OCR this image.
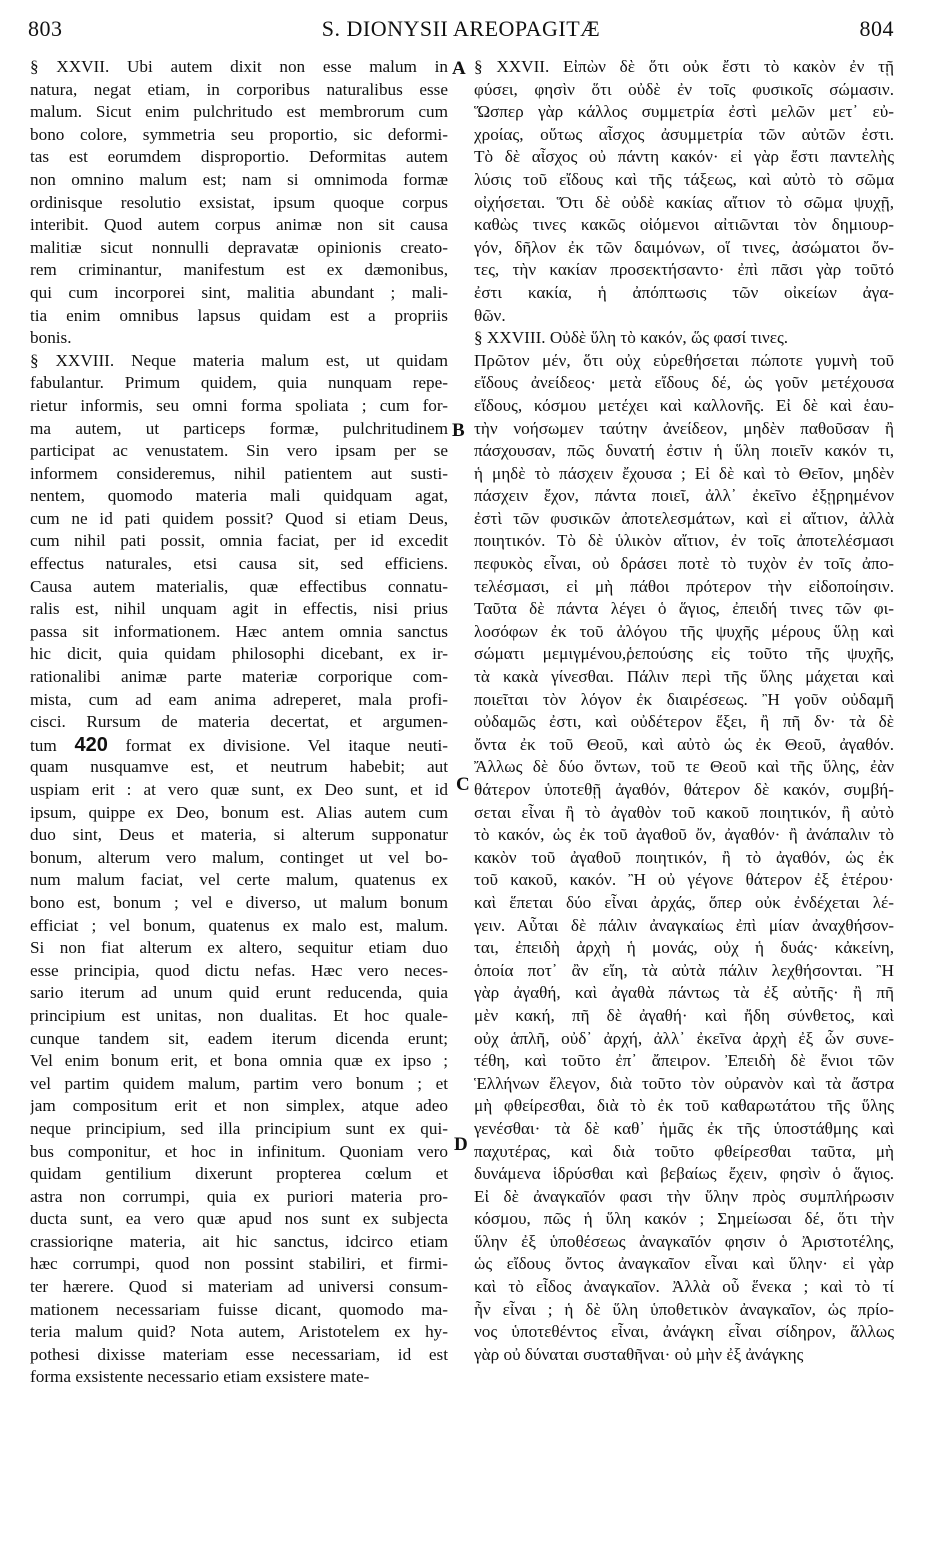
803	S. DIONYSII AREOPAGITÆ	804
A
B
C
D
§ XXVII. Ubi autem dixit non esse malum in
natura, negat etiam, in corporibus naturalibus esse
malum. Sicut enim pulchritudo est membrorum cum
bono colore, symmetria seu proportio, sic deformi-
tas est eorumdem disproportio. Deformitas autem
non omnino malum est; nam si omnimoda formæ
ordinisque resolutio exsistat, ipsum quoque corpus
interibit. Quod autem corpus animæ non sit causa
malitiæ sicut nonnulli depravatæ opinionis creato-
rem criminantur, manifestum est ex dæmonibus,
qui cum incorporei sint, malitia abundant ; mali-
tia enim omnibus lapsus quidam est a propriis
bonis.
§ XXVIII. Neque materia malum est, ut quidam
fabulantur. Primum quidem, quia nunquam repe-
rietur informis, seu omni forma spoliata ; cum for-
ma autem, ut particeps formæ, pulchritudinem
participat ac venustatem. Sin vero ipsam per se
informem consideremus, nihil patientem aut susti-
nentem, quomodo materia mali quidquam agat,
cum ne id pati quidem possit? Quod si etiam Deus,
cum nihil pati possit, omnia faciat, per id excedit
effectus naturales, etsi causa sit, sed efficiens.
Causa autem materialis, quæ effectibus connatu-
ralis est, nihil unquam agit in effectis, nisi prius
passa sit informationem. Hæc antem omnia sanctus
hic dicit, quia quidam philosophi dicebant, ex ir-
rationalibi animæ parte materiæ corporique com-
mista, cum ad eam anima adreperet, mala profi-
cisci. Rursum de materia decertat, et argumen-
tum 420 format ex divisione. Vel itaque neuti-
quam nusquamve est, et neutrum habebit; aut
uspiam erit : at vero quæ sunt, ex Deo sunt, et id
ipsum, quippe ex Deo, bonum est. Alias autem cum
duo sint, Deus et materia, si alterum supponatur
bonum, alterum vero malum, continget ut vel bo-
num malum faciat, vel certe malum, quatenus ex
bono est, bonum ; vel e diverso, ut malum bonum
efficiat ; vel bonum, quatenus ex malo est, malum.
Si non fiat alterum ex altero, sequitur etiam duo
esse principia, quod dictu nefas. Hæc vero neces-
sario iterum ad unum quid erunt reducenda, quia
principium est unitas, non dualitas. Et hoc quale-
cunque tandem sit, eadem iterum dicenda erunt;
Vel enim bonum erit, et bona omnia quæ ex ipso ;
vel partim quidem malum, partim vero bonum ; et
jam compositum erit et non simplex, atque adeo
neque principium, sed illa principium sunt ex qui-
bus componitur, et hoc in infinitum. Quoniam vero
quidam gentilium dixerunt propterea cœlum et
astra non corrumpi, quia ex puriori materia pro-
ducta sunt, ea vero quæ apud nos sunt ex subjecta
crassioriqne materia, ait hic sanctus, idcirco etiam
hæc corrumpi, quod non possint stabiliri, et firmi-
ter hærere. Quod si materiam ad universi consum-
mationem necessariam fuisse dicant, quomodo ma-
teria malum quid? Nota autem, Aristotelem ex hy-
pothesi dixisse materiam esse necessariam, id est
forma exsistente necessario etiam exsistere mate-
§ XXVII. Εἰπὼν δὲ ὅτι οὐκ ἔστι τὸ κακὸν ἐν τῇ
φύσει, φησὶν ὅτι οὐδὲ ἐν τοῖς φυσικοῖς σώμασιν.
Ὥσπερ γὰρ κάλλος συμμετρία ἐστὶ μελῶν μετ᾽ εὐ-
χροίας, οὕτως αἶσχος ἀσυμμετρία τῶν αὐτῶν ἐστι.
Τὸ δὲ αἶσχος οὐ πάντη κακόν· εἰ γὰρ ἔστι παντελὴς
λύσις τοῦ εἴδους καὶ τῆς τάξεως, καὶ αὐτὸ τὸ σῶμα
οἰχήσεται. Ὅτι δὲ οὐδὲ κακίας αἴτιον τὸ σῶμα ψυχῇ,
καθὼς τινες κακῶς οἰόμενοι αἰτιῶνται τὸν δημιουρ-
γόν, δῆλον ἐκ τῶν δαιμόνων, οἵ τινες, ἀσώματοι ὄν-
τες, τὴν κακίαν προσεκτήσαντο· ἐπὶ πᾶσι γὰρ τοῦτό
ἐστι κακία, ἡ ἀπόπτωσις τῶν οἰκείων ἀγα-
θῶν.
§ XXVIII. Οὐδὲ ὕλη τὸ κακόν, ὥς φασί τινες.
Πρῶτον μέν, ὅτι οὐχ εὑρεθήσεται πώποτε γυμνὴ τοῦ
εἴδους ἀνείδεος· μετὰ εἴδους δέ, ὡς γοῦν μετέχουσα
εἴδους, κόσμου μετέχει καὶ καλλονῆς. Εἰ δὲ καὶ ἑαυ-
τὴν νοήσωμεν ταύτην ἀνείδεον, μηδὲν παθοῦσαν ἢ
πάσχουσαν, πῶς δυνατή ἐστιν ἡ ὕλη ποιεῖν κακόν τι,
ἡ μηδὲ τὸ πάσχειν ἔχουσα ; Εἰ δὲ καὶ τὸ Θεῖον, μηδὲν
πάσχειν ἔχον, πάντα ποιεῖ, ἀλλ᾽ ἐκεῖνο ἐξῃρημένον
ἐστὶ τῶν φυσικῶν ἀποτελεσμάτων, καὶ εἰ αἴτιον, ἀλλὰ
ποιητικόν. Τὸ δὲ ὑλικὸν αἴτιον, ἐν τοῖς ἀποτελέσμασι
πεφυκὸς εἶναι, οὐ δράσει ποτὲ τὸ τυχὸν ἐν τοῖς ἀπο-
τελέσμασι, εἰ μὴ πάθοι πρότερον τὴν εἰδοποίησιν.
Ταῦτα δὲ πάντα λέγει ὁ ἅγιος, ἐπειδή τινες τῶν φι-
λοσόφων ἐκ τοῦ ἀλόγου τῆς ψυχῆς μέρους ὕλῃ καὶ
σώματι μεμιγμένου,ῥεπούσης εἰς τοῦτο τῆς ψυχῆς,
τὰ κακὰ γίνεσθαι. Πάλιν περὶ τῆς ὕλης μάχεται καὶ
ποιεῖται τὸν λόγον ἐκ διαιρέσεως. Ἢ γοῦν οὐδαμῆ
οὐδαμῶς ἐστι, καὶ οὐδέτερον ἕξει, ἢ πῆ δν· τὰ δὲ
ὄντα ἐκ τοῦ Θεοῦ, καὶ αὐτὸ ὡς ἐκ Θεοῦ, ἀγαθόν.
Ἄλλως δὲ δύο ὄντων, τοῦ τε Θεοῦ καὶ τῆς ὕλης, ἐὰν
θάτερον ὑποτεθῇ ἀγαθόν, θάτερον δὲ κακόν, συμβή-
σεται εἶναι ἢ τὸ ἀγαθὸν τοῦ κακοῦ ποιητικόν, ἢ αὐτὸ
τὸ κακόν, ὡς ἐκ τοῦ ἀγαθοῦ ὄν, ἀγαθόν· ἢ ἀνάπαλιν τὸ
κακὸν τοῦ ἀγαθοῦ ποιητικόν, ἢ τὸ ἀγαθόν, ὡς ἐκ
τοῦ κακοῦ, κακόν. Ἢ οὐ γέγονε θάτερον ἐξ ἑτέρου·
καὶ ἕπεται δύο εἶναι ἀρχάς, ὅπερ οὐκ ἐνδέχεται λέ-
γειν. Αὗται δὲ πάλιν ἀναγκαίως ἐπὶ μίαν ἀναχθήσον-
ται, ἐπειδὴ ἀρχὴ ἡ μονάς, οὐχ ἡ δυάς· κἀκείνη,
ὁποία ποτ᾽ ἂν εἴη, τὰ αὐτὰ πάλιν λεχθήσονται. Ἢ
γὰρ ἀγαθή, καὶ ἀγαθὰ πάντως τὰ ἐξ αὐτῆς· ἢ πῆ
μὲν κακή, πῆ δὲ ἀγαθή· καὶ ἤδη σύνθετος, καὶ
οὐχ ἁπλῆ, οὐδ᾽ ἀρχή, ἀλλ᾽ ἐκεῖνα ἀρχὴ ἐξ ὧν συνε-
τέθη, καὶ τοῦτο ἐπ᾽ ἄπειρον. Ἐπειδὴ δὲ ἔνιοι τῶν
Ἑλλήνων ἔλεγον, διὰ τοῦτο τὸν οὐρανὸν καὶ τὰ ἄστρα
μὴ φθείρεσθαι, διὰ τὸ ἐκ τοῦ καθαρωτάτου τῆς ὕλης
γενέσθαι· τὰ δὲ καθ᾽ ἡμᾶς ἐκ τῆς ὑποστάθμης καὶ
παχυτέρας, καὶ διὰ τοῦτο φθείρεσθαι ταῦτα, μὴ
δυνάμενα ἱδρύσθαι καὶ βεβαίως ἔχειν, φησὶν ὁ ἅγιος.
Εἰ δὲ ἀναγκαῖόν φασι τὴν ὕλην πρὸς συμπλήρωσιν
κόσμου, πῶς ἡ ὕλη κακόν ; Σημείωσαι δέ, ὅτι τὴν
ὕλην ἐξ ὑποθέσεως ἀναγκαῖόν φησιν ὁ Ἀριστοτέλης,
ὡς εἴδους ὄντος ἀναγκαῖον εἶναι καὶ ὕλην· εἰ γὰρ
καὶ τὸ εἶδος ἀναγκαῖον. Ἀλλὰ οὗ ἕνεκα ; καὶ τὸ τί
ἦν εἶναι ; ἡ δὲ ὕλη ὑποθετικὸν ἀναγκαῖον, ὡς πρίο-
νος ὑποτεθέντος εἶναι, ἀνάγκη εἶναι σίδηρον, ἄλλως
γὰρ οὐ δύναται συσταθῆναι· οὐ μὴν ἐξ ἀνάγκης
